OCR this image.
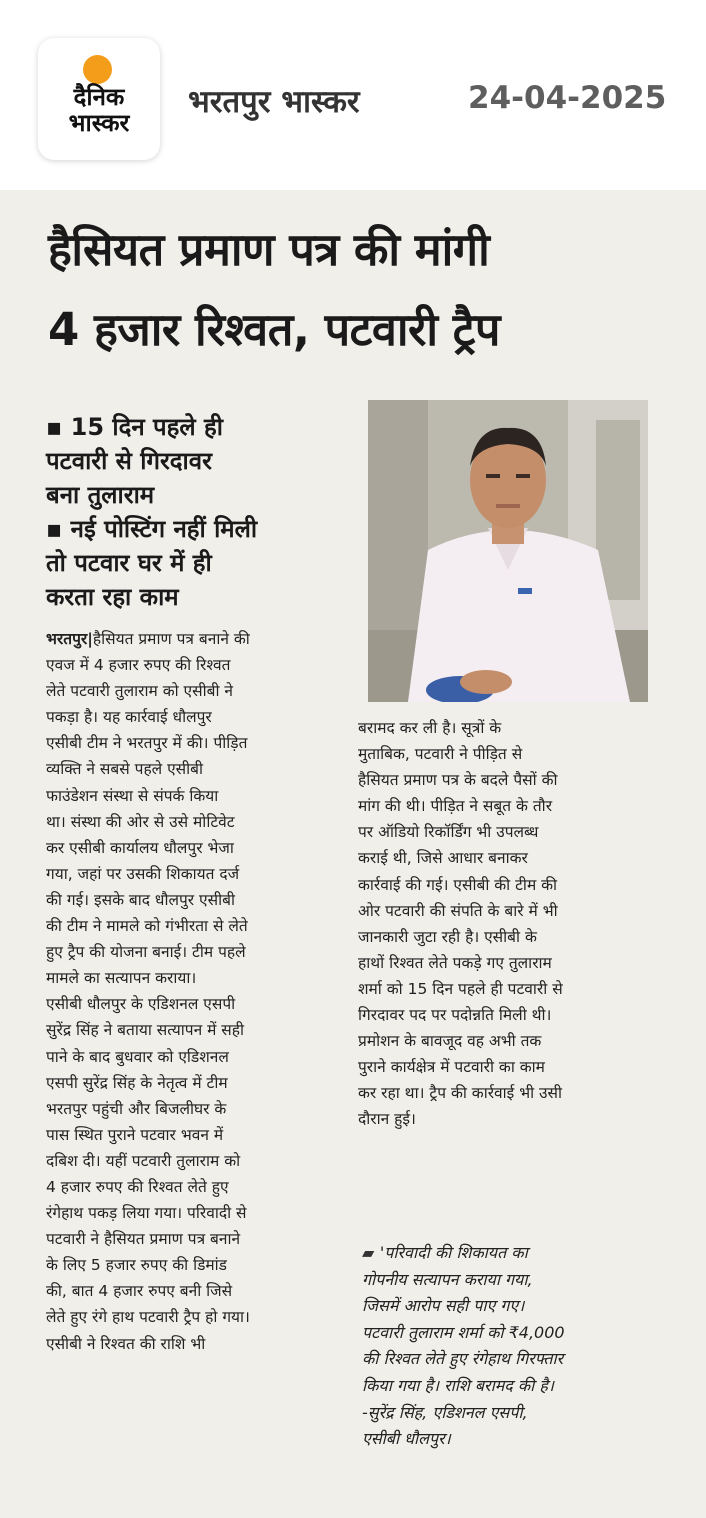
दैनिक
भास्कर
भरतपुर भास्कर	24-04-2025
हैसियत प्रमाण पत्र की मांगी
4 हजार रिश्वत, पटवारी ट्रैप

▪ 15 दिन पहले ही

पटवारी से गिरदावर

बना तुलाराम

▪ नई पोस्टिंग नहीं मिली

तो पटवार घर में ही

करता रहा काम

भरतपुर|हैसियत प्रमाण पत्र बनाने की
एवज में 4 हजार रुपए की रिश्वत
लेते पटवारी तुलाराम को एसीबी ने
पकड़ा है। यह कार्रवाई धौलपुर
एसीबी टीम ने भरतपुर में की। पीड़ित
व्यक्ति ने सबसे पहले एसीबी
फाउंडेशन संस्था से संपर्क किया
था। संस्था की ओर से उसे मोटिवेट
कर एसीबी कार्यालय धौलपुर भेजा
गया, जहां पर उसकी शिकायत दर्ज
की गई। इसके बाद धौलपुर एसीबी
की टीम ने मामले को गंभीरता से लेते
हुए ट्रैप की योजना बनाई। टीम पहले
मामले का सत्यापन कराया।
एसीबी धौलपुर के एडिशनल एसपी
सुरेंद्र सिंह ने बताया सत्यापन में सही
पाने के बाद बुधवार को एडिशनल
एसपी सुरेंद्र सिंह के नेतृत्व में टीम
भरतपुर पहुंची और बिजलीघर के
पास स्थित पुराने पटवार भवन में
दबिश दी। यहीं पटवारी तुलाराम को
4 हजार रुपए की रिश्वत लेते हुए
रंगेहाथ पकड़ लिया गया। परिवादी से
पटवारी ने हैसियत प्रमाण पत्र बनाने
के लिए 5 हजार रुपए की डिमांड
की, बात 4 हजार रुपए बनी जिसे
लेते हुए रंगे हाथ पटवारी ट्रैप हो गया।
एसीबी ने रिश्वत की राशि भी
बरामद कर ली है। सूत्रों के
मुताबिक, पटवारी ने पीड़ित से
हैसियत प्रमाण पत्र के बदले पैसों की
मांग की थी। पीड़ित ने सबूत के तौर
पर ऑडियो रिकॉर्डिंग भी उपलब्ध
कराई थी, जिसे आधार बनाकर
कार्रवाई की गई। एसीबी की टीम की
ओर पटवारी की संपति के बारे में भी
जानकारी जुटा रही है। एसीबी के
हाथों रिश्वत लेते पकड़े गए तुलाराम
शर्मा को 15 दिन पहले ही पटवारी से
गिरदावर पद पर पदोन्नति मिली थी।
प्रमोशन के बावजूद वह अभी तक
पुराने कार्यक्षेत्र में पटवारी का काम
कर रहा था। ट्रैप की कार्रवाई भी उसी
दौरान हुई।
▰ 'परिवादी की शिकायत का
गोपनीय सत्यापन कराया गया,
जिसमें आरोप सही पाए गए।
पटवारी तुलाराम शर्मा को ₹4,000
की रिश्वत लेते हुए रंगेहाथ गिरफ्तार
किया गया है। राशि बरामद की है।
-सुरेंद्र सिंह, एडिशनल एसपी,
एसीबी धौलपुर।
